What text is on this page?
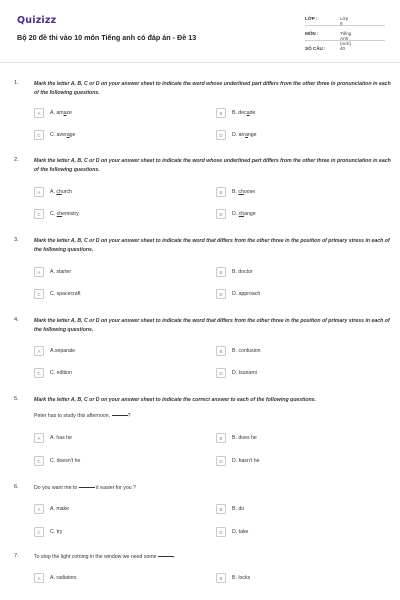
Quizizz
Bộ 20 đề thi vào 10 môn Tiếng anh có đáp án - Đề 13
LỚP :	Lớp 9
MÔN :	Tiếng Anh (mới)
SỐ CÂU :	40
1.	Mark the letter A, B, C or D on your answer sheet to indicate the word whose underlined part differs from the other three in pronunciation in each of the following questions.
A	A. amaze	B	B. decade
C	C. average	D	D. arrange
2.	Mark the letter A, B, C or D on your answer sheet to indicate the word whose underlined part differs from the other three in pronunciation in each of the following questions.
A	A. church	B	B. choose
C	C. chemistry	D	D. change
3.	Mark the letter A, B, C or D on your answer sheet to indicate the word that differs from the other three in the position of primary stress in each of the following questions.
A	A. starter	B	B. doctor
C	C. spacecraft	D	D. approach
4.	Mark the letter A, B, C or D on your answer sheet to indicate the word that differs from the other three in the position of primary stress in each of the following questions.
A	A.separate	B	B. confusion
C	C. edition	D	D. tsunami
5.	Mark the letter A, B, C or D on your answer sheet to indicate the correct answer to each of the following questions.
Peter has to study this afternoon,	?
A	A. has he	B	B. does he
C	C. doesn't he	D	D. hasn't he
6.	Do you want me to	it easier for you ?
A	A. make	B	B. do
C	C. try	D	D. take
7.	To stop the light coming in the window we need some	.
A	A. radiators	B	B. locks
